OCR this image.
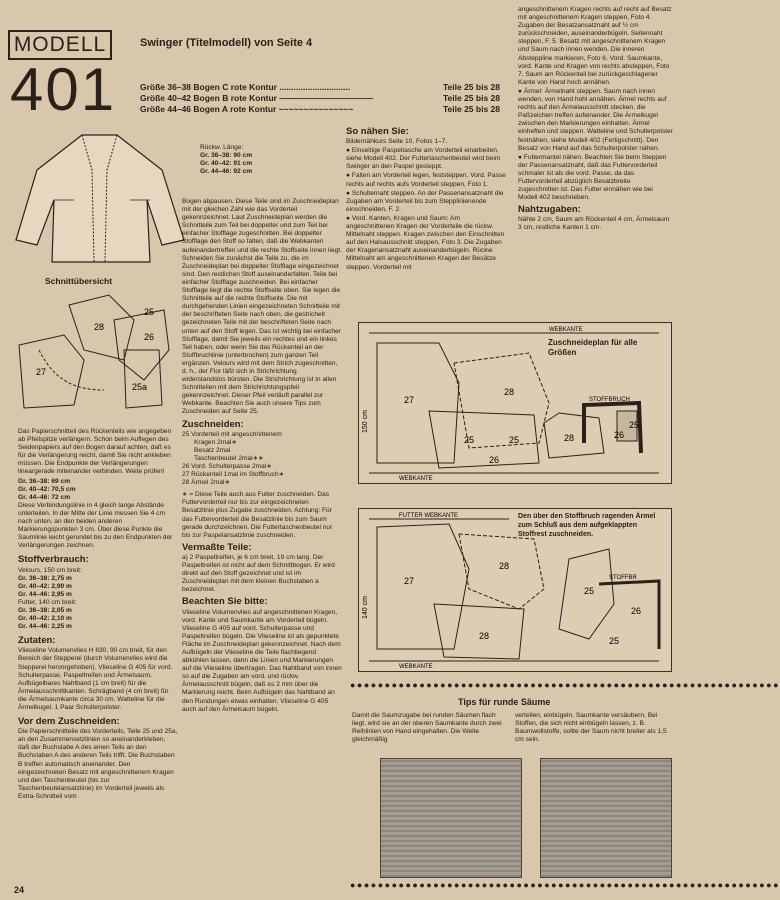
MODELL
401
Swinger (Titelmodell) von Seite 4
Größe 36–38 Bogen C rote Kontur ..............................	Teile 25 bis 28
Größe 40–42 Bogen B rote Kontur ———————————	Teile 25 bis 28
Größe 44–46 Bogen A rote Kontur ~~~~~~~~~~~~~~~	Teile 25 bis 28
Rückw. Länge:
Gr. 36–38: 90 cm
Gr. 40–42: 91 cm
Gr. 44–46: 92 cm
Schnittübersicht
28
25
26
27
25a

Das Papierschnitteil des Rückenteils wie angegeben ab Pfeilspitze verlängern. Schon beim Auflegen des Seidenpapiers auf den Bogen darauf achten, daß es für die Verlängerung reicht, damit Sie nicht ankleben müssen. Die Endpunkte der Verlängerungen lineargerade miteinander verbinden. Weite prüfen!

Gr. 36–38: 69 cm
Gr. 40–42: 70,5 cm
Gr. 44–46: 72 cm

Diese Verbindungslinie in 4 gleich lange Abstände unterteilen. In der Mitte der Linie messen Sie 4 cm nach unten, an den beiden anderen Markierungspunkten 3 cm. Über diese Punkte die Saumlinie leicht gerundet bis zu den Endpunkten der Verlängerungen zeichnen.

Stoffverbrauch:
Velours, 150 cm breit:
Gr. 36–38: 2,75 m
Gr. 40–42: 2,90 m
Gr. 44–46: 2,95 m
Futter, 140 cm breit:
Gr. 36–38: 2,05 m
Gr. 40–42: 2,10 m
Gr. 44–46: 2,25 m
Zutaten:

Vlieseline Volumenvlies H 630, 90 cm breit, für den Bereich der Stepperei (durch Volumenvlies wird die Stepperei hervorgehoben). Vlieseline G 405 für vord. Schulterpasse, Paspeltreifen und Ärmelsaum. Aufbügelbares Nahtband (1 cm breit) für die Ärmelausschnittkanten. Schrägband (4 cm breit) für die Ärmelsaumkante circa 30 cm. Watteline für die Ärmelkugel. 1 Paar Schulterpolster.

Vor dem Zuschneiden:

Die Papierschnitteile des Vorderteils, Teile 25 und 25a, an den Zusammensetzlinien so aneinanderkleben, daß der Buchstabe A des einen Teils an den Buchstaben A des anderen Teils trifft. Die Buchstaben B treffen automatisch aneinander. Den eingezeichneten Besatz mit angeschnittenem Kragen und den Taschenbeutel (bis zur Taschenbeutelansatzlinie) im Vorderteil jeweils als Extra-Schnitteil vom

24

Bogen abpausen. Diese Teile sind im Zuschneideplan mit der gleichen Zahl wie das Vorderteil gekennzeichnet. Laut Zuschneideplan werden die Schnitteile zum Teil bei doppelter und zum Teil bei einfacher Stofflage zugeschnitten. Bei doppelter Stofflage den Stoff so falten, daß die Webkanten aufeinandertreffen und die rechte Stoffseite innen liegt. Schneiden Sie zunächst die Teile zu, die im Zuschneideplan bei doppelter Stofflage eingezeichnet sind. Den restlichen Stoff auseinanderfalten. Teile bei einfacher Stofflage zuschneiden. Bei einfacher Stofflage liegt die rechte Stoffseite oben. Sie legen die Schnitteile auf die rechte Stoffseite. Die mit durchgehenden Linien eingezeichneten Schnitteile mit der beschrifteten Seite nach oben, die gestrichelt gezeichneten Teile mit der beschrifteten Seite nach unten auf den Stoff legen. Das ist wichtig bei einfacher Stofflage, damit Sie jeweils ein rechtes und ein linkes Teil haben, oder wenn Sie das Rückenteil an der Stoffbruchlinie (unterbrochen) zum ganzen Teil ergänzen. Velours wird mit dem Strich zugeschnitten, d. h., der Flor läßt sich in Strichrichtung widerstandslos bürsten. Die Strichrichtung ist in allen Schnitteilen mit dem Strichrichtungspfeil gekennzeichnet. Dieser Pfeil verläuft parallel zur Webkante. Beachten Sie auch unsere Tips zum Zuschneiden auf Seite 25.

Zuschneiden:
25 Vorderteil mit angeschnittenem
Kragen 2mal∗
Besatz 2mal
Taschenbeutel 2mal∗∗
26 Vord. Schulterpasse 2mal∗
27 Rückenteil 1mal im Stoffbruch∗
28 Ärmel 2mal∗

∗ = Diese Teile auch aus Futter zuschneiden. Das Futtervorderteil nur bis zur eingezeichneten Besatzlinie plus Zugabe zuschneiden. Achtung: Für das Futtervorderteil die Besatzlinie bis zum Saum gerade durchzeichnen. Die Futtertaschenbeutel nur bis zur Paspelansatzlinie zuschneiden.

Vermaßte Teile:

a) 2 Paspeltreifen, je 6 cm breit, 19 cm lang. Der Paspeltreifen ist nicht auf dem Schnittbogen. Er wird direkt auf den Stoff gezeichnet und ist im Zuschneideplan mit dem kleinen Buchstaben a bezeichnet.

Beachten Sie bitte:

Vlieseline Volumenvlies auf angeschnittenen Kragen, vord. Kante und Saumkante am Vorderteil bügeln. Vlieseline G 405 auf vord. Schulterpasse und Paspeltreifen bügeln. Die Vlieseline ist als gepunktete Fläche im Zuschneideplan gekennzeichnet. Nach dem Aufbügeln der Vlieseline die Teile flachliegend abkühlen lassen, dann die Linien und Markierungen auf die Vlieseline übertragen. Das Nahtband von innen so auf die Zugaben am vord. und rückw. Ärmelausschnitt bügeln, daß es 2 mm über die Markierung reicht. Beim Aufbügeln das Nahtband an den Rundungen etwas einhalten. Vlieseline G 405 auch auf den Ärmelsaum bügeln.

So nähen Sie:

Bildernähkurs Seite 10, Fotos 1–7.

● Einseitige Paspeltasche am Vorderteil einarbeiten, siehe Modell 402. Der Futtertaschenbeutel wird beim Swinger an den Paspel gesteppt.

● Falten am Vorderteil legen, feststeppen. Vord. Passe rechts auf rechts aufs Vorderteil steppen, Foto 1.

● Schulternaht steppen. An der Passenansatznaht die Zugaben am Vorderteil bis zum Stepplinienende einschneiden, F. 2.

● Vord. Kanten, Kragen und Saum: Am angeschnittenen Kragen der Vorderteile die rückw. Mittelnaht steppen. Kragen zwischen den Einschnitten auf den Halsausschnitt steppen, Foto 3. Die Zugaben der Kragenansatznaht auseinanderbügeln. Rückw. Mittelnaht am angeschnittenen Kragen der Besätze steppen. Vorderteil mit

angeschnittenem Kragen rechts auf recht auf Besatz mit angeschnittenem Kragen steppen, Foto 4. Zugaben der Besatzansatznaht auf ½ cm zurückschneiden, auseinanderbügeln. Seitennaht steppen, F. 5. Besatz mit angeschnittenem Kragen und Saum nach innen wenden. Die inneren Absteppline markieren, Foto 6. Vord. Saumkante, vord. Kante und Kragen von rechts absteppen, Foto 7. Saum am Rückenteil bei zurückgeschlagener Kante von Hand hoch annähen.

● Ärmel: Ärmelnaht steppen. Saum nach innen wenden, von Hand hohl annähen. Ärmel rechts auf rechts auf den Ärmelausschnitt stecken, die Paßzeichen treffen aufeinander. Die Ärmelkugel zwischen den Markierungen einhalten. Ärmel einheften und steppen. Watteline und Schulterpolster festnähen, siehe Modell 402 (Fertigschnitt). Den Besatz von Hand auf das Schulterpolster nähen.

● Futtermantel nähen. Beachten Sie beim Steppen der Passenansatznaht, daß das Futtervorderteil schmaler ist als die vord. Passe, da das Futtervorderteil abzüglich Besatzbreite zugeschnitten ist. Das Futter einnähen wie bei Modell 402 beschrieben.

Nahtzugaben:

Nähte 2 cm, Saum am Rückenteil 4 cm, Ärmelsaum 3 cm, restliche Kanten 1 cm.

WEBKANTE
WEBKANTE
STOFFBRUCH
150 cm
27
28
25	25
26
26
28
25
Zuschneideplan für alle Größen
FUTTER WEBKANTE
WEBKANTE
STOFFBR
140 cm
27
28
28
25
26
25
Den über den Stoffbruch ragenden Ärmel zum Schluß aus dem aufgeklappten Stoffrest zuschneiden.
●●●●●●●●●●●●●●●●●●●●●●●●●●●●●●●●●●●●●●●●●●●●●●●●●●●●●●●●●●●●●●
Tips für runde Säume
Damit die Saumzugabe bei runden Säumen flach liegt, wird sie an der oberen Saumkante durch zwei Reihlinien von Hand eingehalten. Die Weite gleichmäßig
verteilen, einbügeln. Saumkante versäubern. Bei Stoffen, die sich nicht einbügeln lassen, z. B. Baumwollstoffe, sollte der Saum nicht breiter als 1,5 cm sein.
●●●●●●●●●●●●●●●●●●●●●●●●●●●●●●●●●●●●●●●●●●●●●●●●●●●●●●●●●●●●●●
